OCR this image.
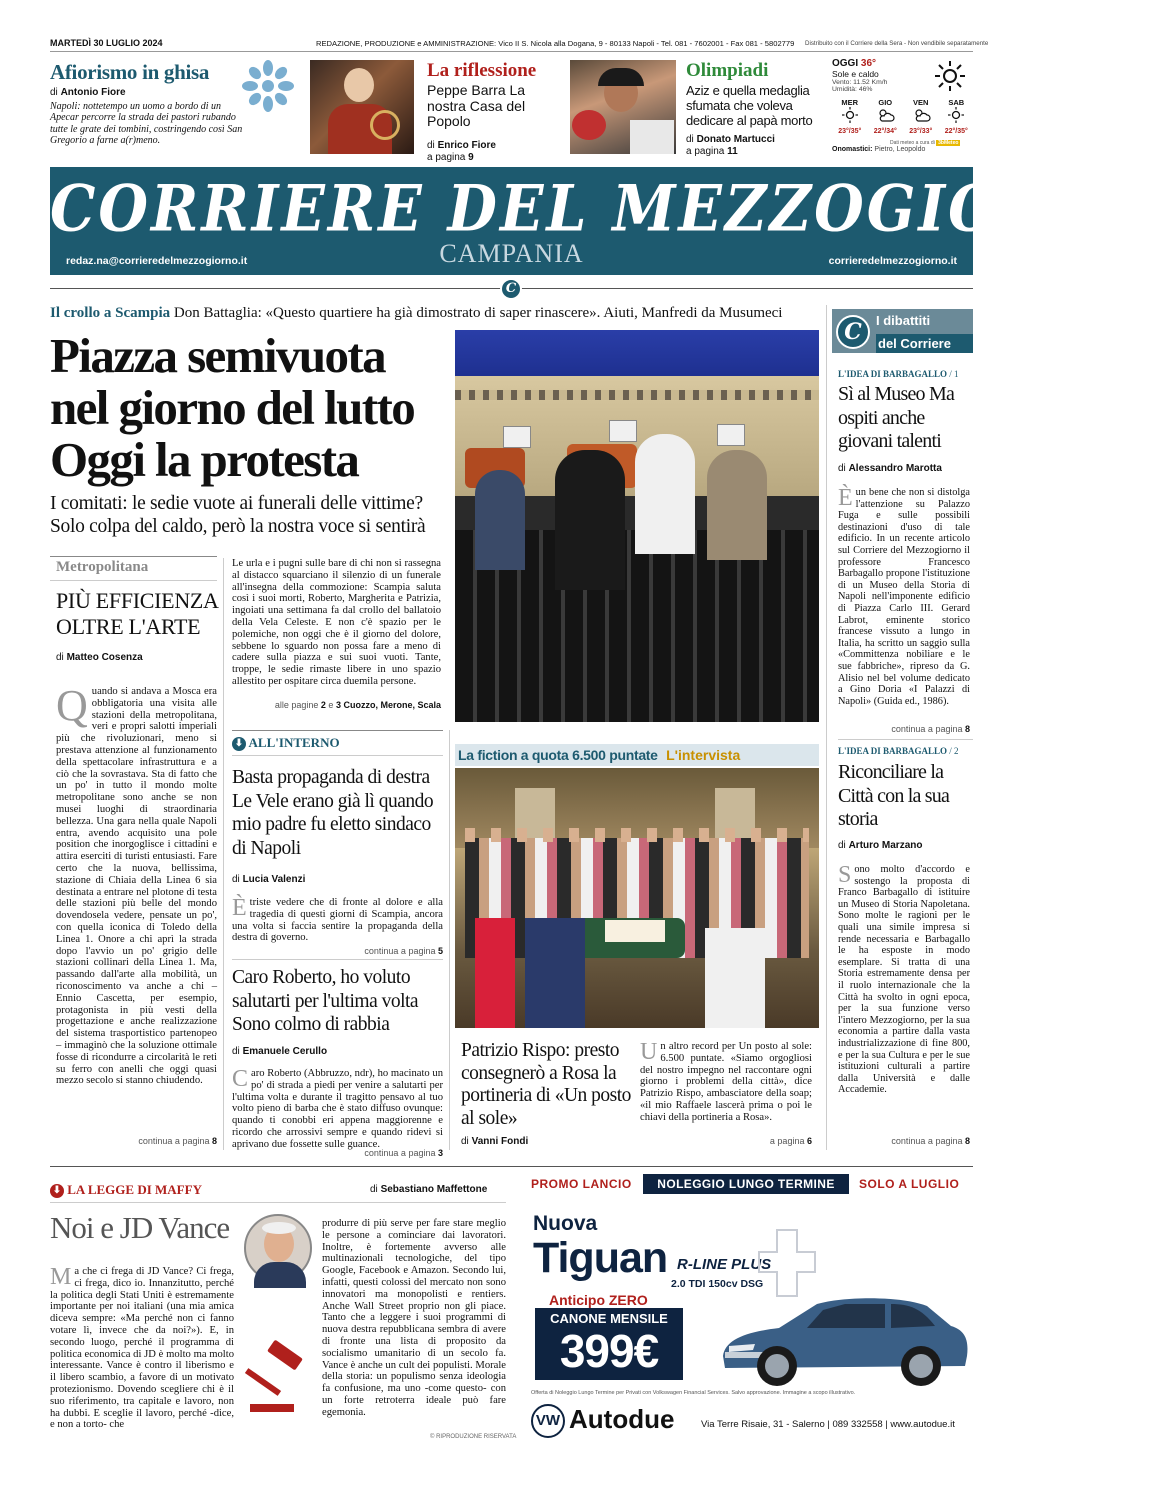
MARTEDÌ 30 LUGLIO 2024	REDAZIONE, PRODUZIONE e AMMINISTRAZIONE: Vico II S. Nicola alla Dogana, 9 - 80133 Napoli - Tel. 081 - 7602001 - Fax 081 - 5802779 Distribuito con il Corriere della Sera - Non vendibile separatamente
Afiorismo in ghisa
di Antonio Fiore
Napoli: nottetempo un uomo a bordo di un Apecar percorre la strada dei pastori rubando tutte le grate dei tombini, costringendo così San Gregorio a farne a(r)meno.
La riflessione
Peppe Barra La nostra Casa del Popolo
di Enrico Fiore
a pagina 9
Olimpiadi
Aziz e quella medaglia sfumata che voleva dedicare al papà morto
di Donato Martucci
a pagina 11
OGGI 36°
Sole e caldo
Vento: 11.52 Km/h
Umidità: 46%
MER
23°/35°
GIO
22°/34°
VEN
23°/33°
SAB
22°/35°
Dati meteo a cura di 3bMeteo
Onomastici: Pietro, Leopoldo
CORRIERE DEL MEZZOGIORNO
CAMPANIA
redaz.na@corrieredelmezzogiorno.it	corrieredelmezzogiorno.it
C
Il crollo a Scampia Don Battaglia: «Questo quartiere ha già dimostrato di saper rinascere». Aiuti, Manfredi da Musumeci
Piazza semivuota nel giorno del lutto Oggi la protesta
I comitati: le sedie vuote ai funerali delle vittime? Solo colpa del caldo, però la nostra voce si sentirà
Le urla e i pugni sulle bare di chi non si rassegna al distacco squarciano il silenzio di un funerale all'insegna della commozione: Scampia saluta così i suoi morti, Roberto, Margherita e Patrizia, ingoiati una settimana fa dal crollo del ballatoio della Vela Celeste. E non c'è spazio per le polemiche, non oggi che è il giorno del dolore, sebbene lo sguardo non possa fare a meno di cadere sulla piazza e sui suoi vuoti. Tante, troppe, le sedie rimaste libere in uno spazio allestito per ospitare circa duemila persone.
alle pagine 2 e 3 Cuozzo, Merone, Scala
Metropolitana
PIÙ EFFICIENZA OLTRE L'ARTE
di Matteo Cosenza
Quando si andava a Mosca era obbligatoria una visita alle stazioni della metropolitana, veri e propri salotti imperiali più che rivoluzionari, meno si prestava attenzione al funzionamento della spettacolare infrastruttura e a ciò che la sovrastava. Sta di fatto che un po' in tutto il mondo molte metropolitane sono anche se non musei luoghi di straordinaria bellezza. Una gara nella quale Napoli entra, avendo acquisito una pole position che inorgoglisce i cittadini e attira eserciti di turisti entusiasti. Fare certo che la nuova, bellissima, stazione di Chiaia della Linea 6 sia destinata a entrare nel plotone di testa delle stazioni più belle del mondo dovendosela vedere, pensate un po', con quella iconica di Toledo della Linea 1. Onore a chi aprì la strada dopo l'avvio un po' grigio delle stazioni collinari della Linea 1. Ma, passando dall'arte alla mobilità, un riconoscimento va anche a chi – Ennio Cascetta, per esempio, protagonista in più vesti della progettazione e anche realizzazione del sistema trasportistico partenopeo – immaginò che la soluzione ottimale fosse di ricondurre a circolarità le reti su ferro con anelli che oggi quasi mezzo secolo si stanno chiudendo.
continua a pagina 8
⬇ ALL'INTERNO
Basta propaganda di destra Le Vele erano già lì quando mio padre fu eletto sindaco di Napoli
di Lucia Valenzi
Ètriste vedere che di fronte al dolore e alla tragedia di questi giorni di Scampia, ancora una volta si faccia sentire la propaganda della destra di governo.
continua a pagina 5
Caro Roberto, ho voluto salutarti per l'ultima volta Sono colmo di rabbia
di Emanuele Cerullo
Caro Roberto (Abbruzzo, ndr), ho macinato un po' di strada a piedi per venire a salutarti per l'ultima volta e durante il tragitto pensavo al tuo volto pieno di barba che è stato diffuso ovunque: quando ti conobbi eri appena maggiorenne e ricordo che arrossivi sempre e quando ridevi si aprivano due fossette sulle guance.
continua a pagina 3
La fiction a quota 6.500 puntate L'intervista
Patrizio Rispo: presto consegnerò a Rosa la portineria di «Un posto al sole»
di Vanni Fondi
Un altro record per Un posto al sole: 6.500 puntate. «Siamo orgogliosi del nostro impegno nel raccontare ogni giorno i problemi della città», dice Patrizio Rispo, ambasciatore della soap; «il mio Raffaele lascerà prima o poi le chiavi della portineria a Rosa».
a pagina 6
C	I dibattiti
del Corriere
L'IDEA DI BARBAGALLO / 1
Sì al Museo Ma ospiti anche giovani talenti
di Alessandro Marotta
Èun bene che non si distolga l'attenzione su Palazzo Fuga e sulle possibili destinazioni d'uso di tale edificio. In un recente articolo sul Corriere del Mezzogiorno il professore Francesco Barbagallo propone l'istituzione di un Museo della Storia di Napoli nell'imponente edificio di Piazza Carlo III. Gerard Labrot, eminente storico francese vissuto a lungo in Italia, ha scritto un saggio sulla «Committenza nobiliare e le sue fabbriche», ripreso da G. Alisio nel bel volume dedicato a Gino Doria «I Palazzi di Napoli» (Guida ed., 1986).
continua a pagina 8
L'IDEA DI BARBAGALLO / 2
Riconciliare la Città con la sua storia
di Arturo Marzano
Sono molto d'accordo e sostengo la proposta di Franco Barbagallo di istituire un Museo di Storia Napoletana. Sono molte le ragioni per le quali una simile impresa si rende necessaria e Barbagallo le ha esposte in modo esemplare. Si tratta di una Storia estremamente densa per il ruolo internazionale che la Città ha svolto in ogni epoca, per la sua funzione verso l'intero Mezzogiorno, per la sua economia a partire dalla vasta industrializzazione di fine 800, e per la sua Cultura e per le sue istituzioni culturali a partire dalla Università e dalle Accademie.
continua a pagina 8
⬇ LA LEGGE DI MAFFY	di Sebastiano Maffettone
Noi e JD Vance
Ma che ci frega di JD Vance? Ci frega, ci frega, dico io. Innanzitutto, perché la politica degli Stati Uniti è estremamente importante per noi italiani (una mia amica diceva sempre: «Ma perché non ci fanno votare lì, invece che da noi?»). E, in secondo luogo, perché il programma di politica economica di JD è molto ma molto interessante. Vance è contro il liberismo e il libero scambio, a favore di un motivato protezionismo. Dovendo scegliere chi è il suo riferimento, tra capitale e lavoro, non ha dubbi. E sceglie il lavoro, perché -dice, e non a torto- che
produrre di più serve per fare stare meglio le persone a cominciare dai lavoratori. Inoltre, è fortemente avverso alle multinazionali tecnologiche, del tipo Google, Facebook e Amazon. Secondo lui, infatti, questi colossi del mercato non sono innovatori ma monopolisti e rentiers. Anche Wall Street proprio non gli piace. Tanto che a leggere i suoi programmi di nuova destra repubblicana sembra di avere di fronte una lista di proposito da socialismo umanitario di un secolo fa. Vance è anche un cult dei populisti. Morale della storia: un populismo senza ideologia fa confusione, ma uno -come questo- con un forte retroterra ideale può fare egemonia.
© RIPRODUZIONE RISERVATA
PROMO LANCIO	NOLEGGIO LUNGO TERMINE	SOLO A LUGLIO
Nuova
Tiguan R-LINE PLUS
2.0 TDI 150cv DSG
Anticipo ZERO
CANONE MENSILE
399€
Offerta di Noleggio Lungo Termine per Privati con Volkswagen Financial Services. Salvo approvazione. Immagine a scopo illustrativo.
VW Autodue	Via Terre Risaie, 31 - Salerno | 089 332558 | www.autodue.it
